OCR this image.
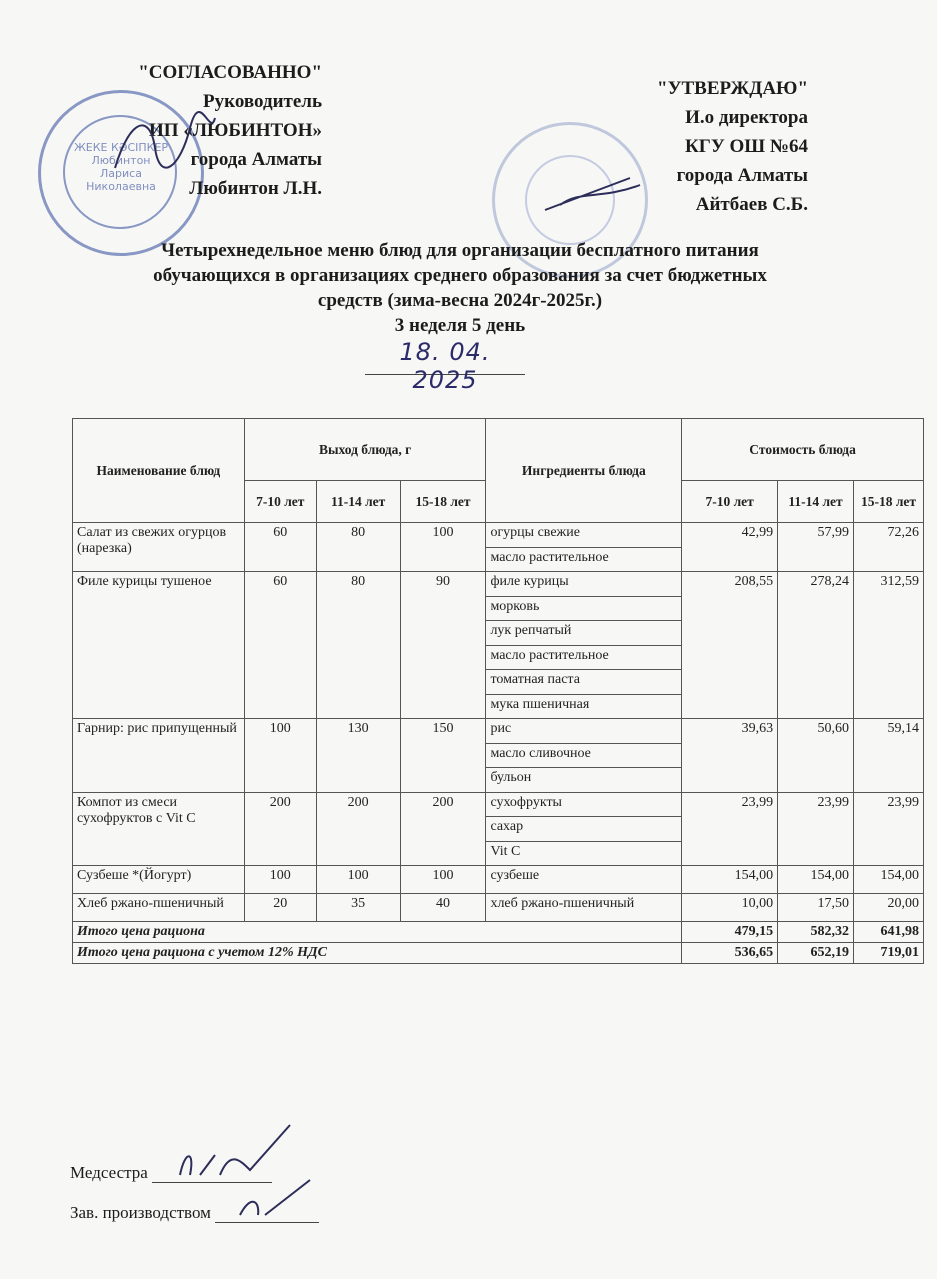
ЖЕКЕ КӘСІПКЕР Любинтон Лариса Николаевна
"СОГЛАСОВАННО"
Руководитель
ИП «ЛЮБИНТОН»
города Алматы
Любинтон Л.Н.
"УТВЕРЖДАЮ"
И.о директора
КГУ ОШ №64
города Алматы
Айтбаев С.Б.
Четырехнедельное меню блюд для организации бесплатного питания
обучающихся в организациях среднего образования за счет бюджетных
средств (зима-весна 2024г-2025г.)
3 неделя 5 день
18. 04. 2025
Наименование блюд	Выход блюда, г			Ингредиенты блюда	Стоимость блюда		
	7-10 лет	11-14 лет	15-18 лет		7-10 лет	11-14 лет	15-18 лет
Салат из свежих огурцов (нарезка)	60	80	100	огурцы свежие	42,99	57,99	72,26
				масло растительное			
Филе курицы тушеное	60	80	90	филе курицы	208,55	278,24	312,59
				морковь			
				лук репчатый			
				масло растительное			
				томатная паста			
				мука пшеничная			
Гарнир: рис припущенный	100	130	150	рис	39,63	50,60	59,14
				масло сливочное			
				бульон			
Компот из смеси сухофруктов с Vit C	200	200	200	сухофрукты	23,99	23,99	23,99
				сахар			
				Vit C			
Сузбеше *(Йогурт)	100	100	100	сузбеше	154,00	154,00	154,00
Хлеб ржано-пшеничный	20	35	40	хлеб ржано-пшеничный	10,00	17,50	20,00
Итого цена рациона					479,15	582,32	641,98
Итого цена рациона с учетом 12% НДС					536,65	652,19	719,01
Медсестра
Зав. производством
